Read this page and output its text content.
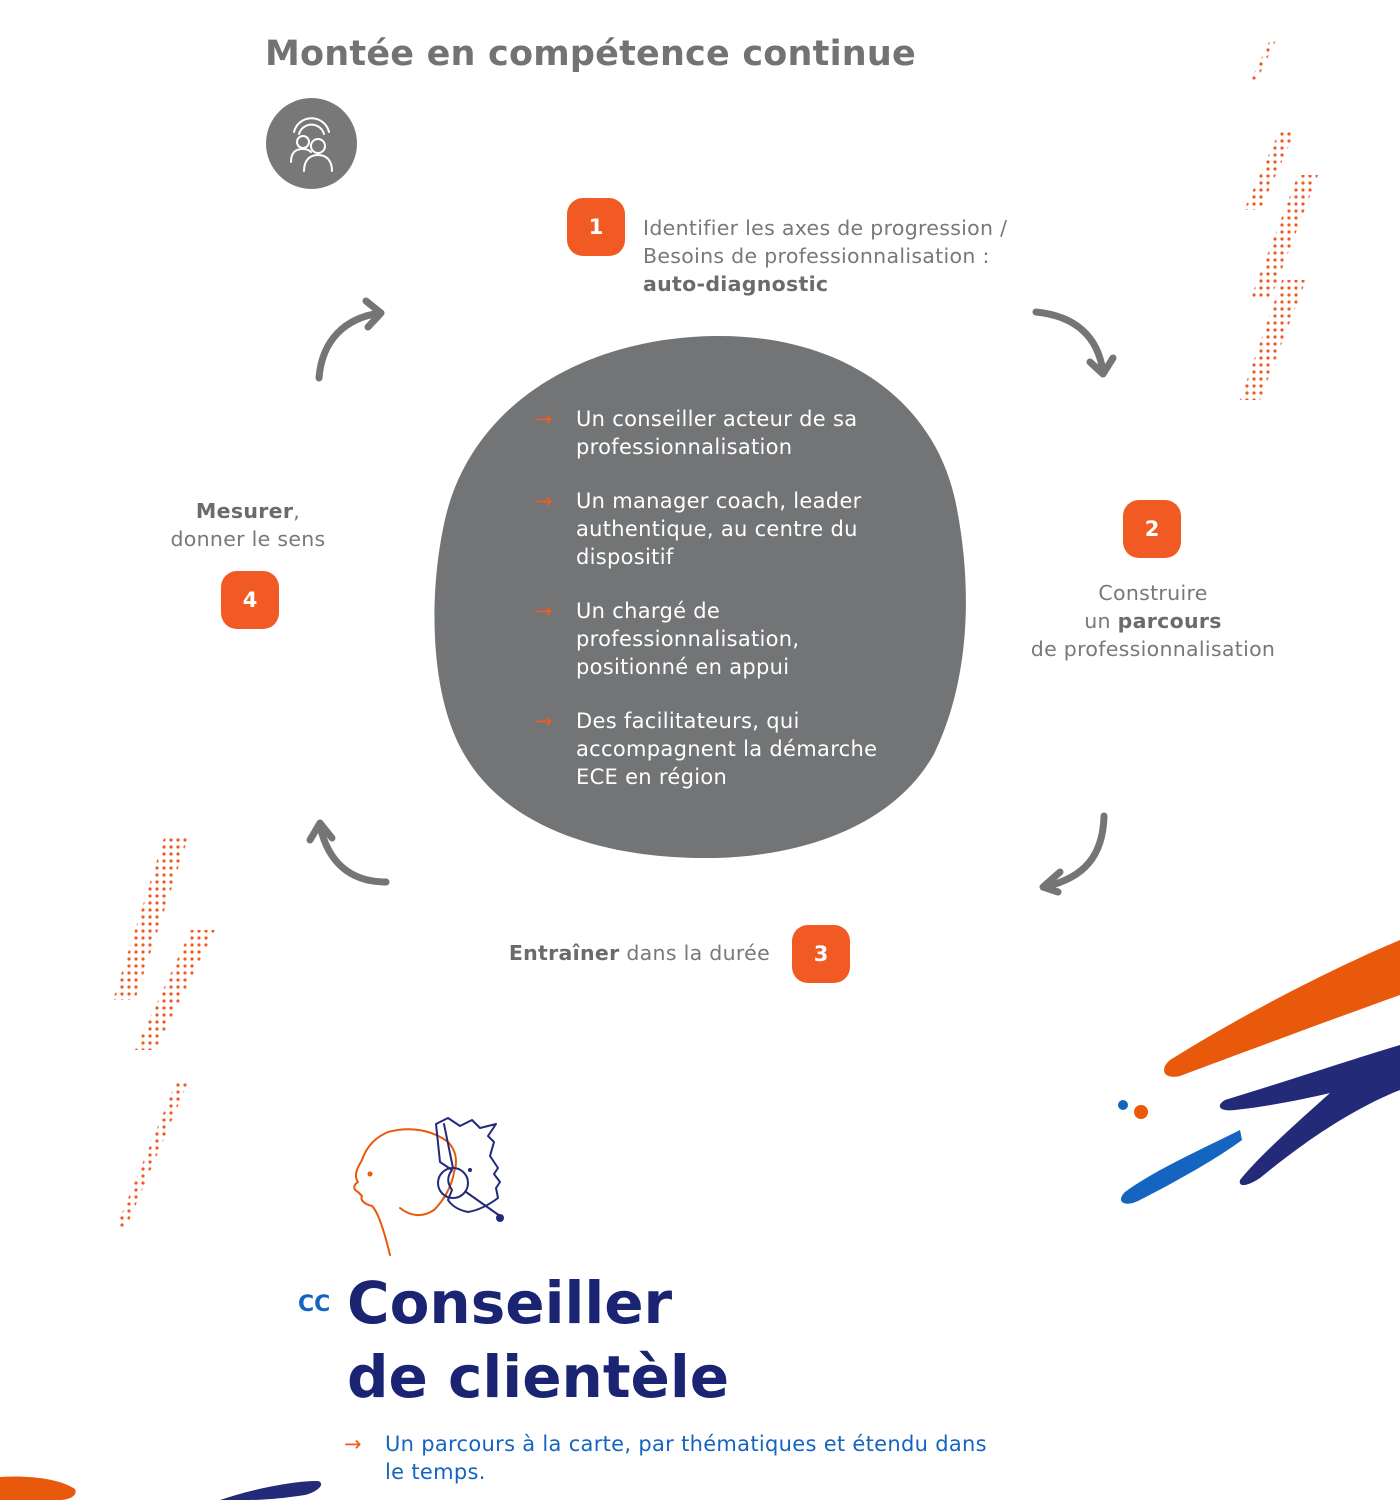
Montée en compétence continue
→ Un conseiller acteur de sa
professionnalisation
→ Un manager coach, leader
authentique, au centre du
dispositif
→ Un chargé de
professionnalisation,
positionné en appui
→ Des facilitateurs, qui
accompagnent la démarche
ECE en région
1	Identifier les axes de progression /
Besoins de professionnalisation :
auto-diagnostic
2
Construire
un parcours
de professionnalisation
3
Entraîner dans la durée
Mesurer,
donner le sens
4
CC Conseiller
de clientèle
→	Un parcours à la carte, par thématiques et étendu dans
le temps.
